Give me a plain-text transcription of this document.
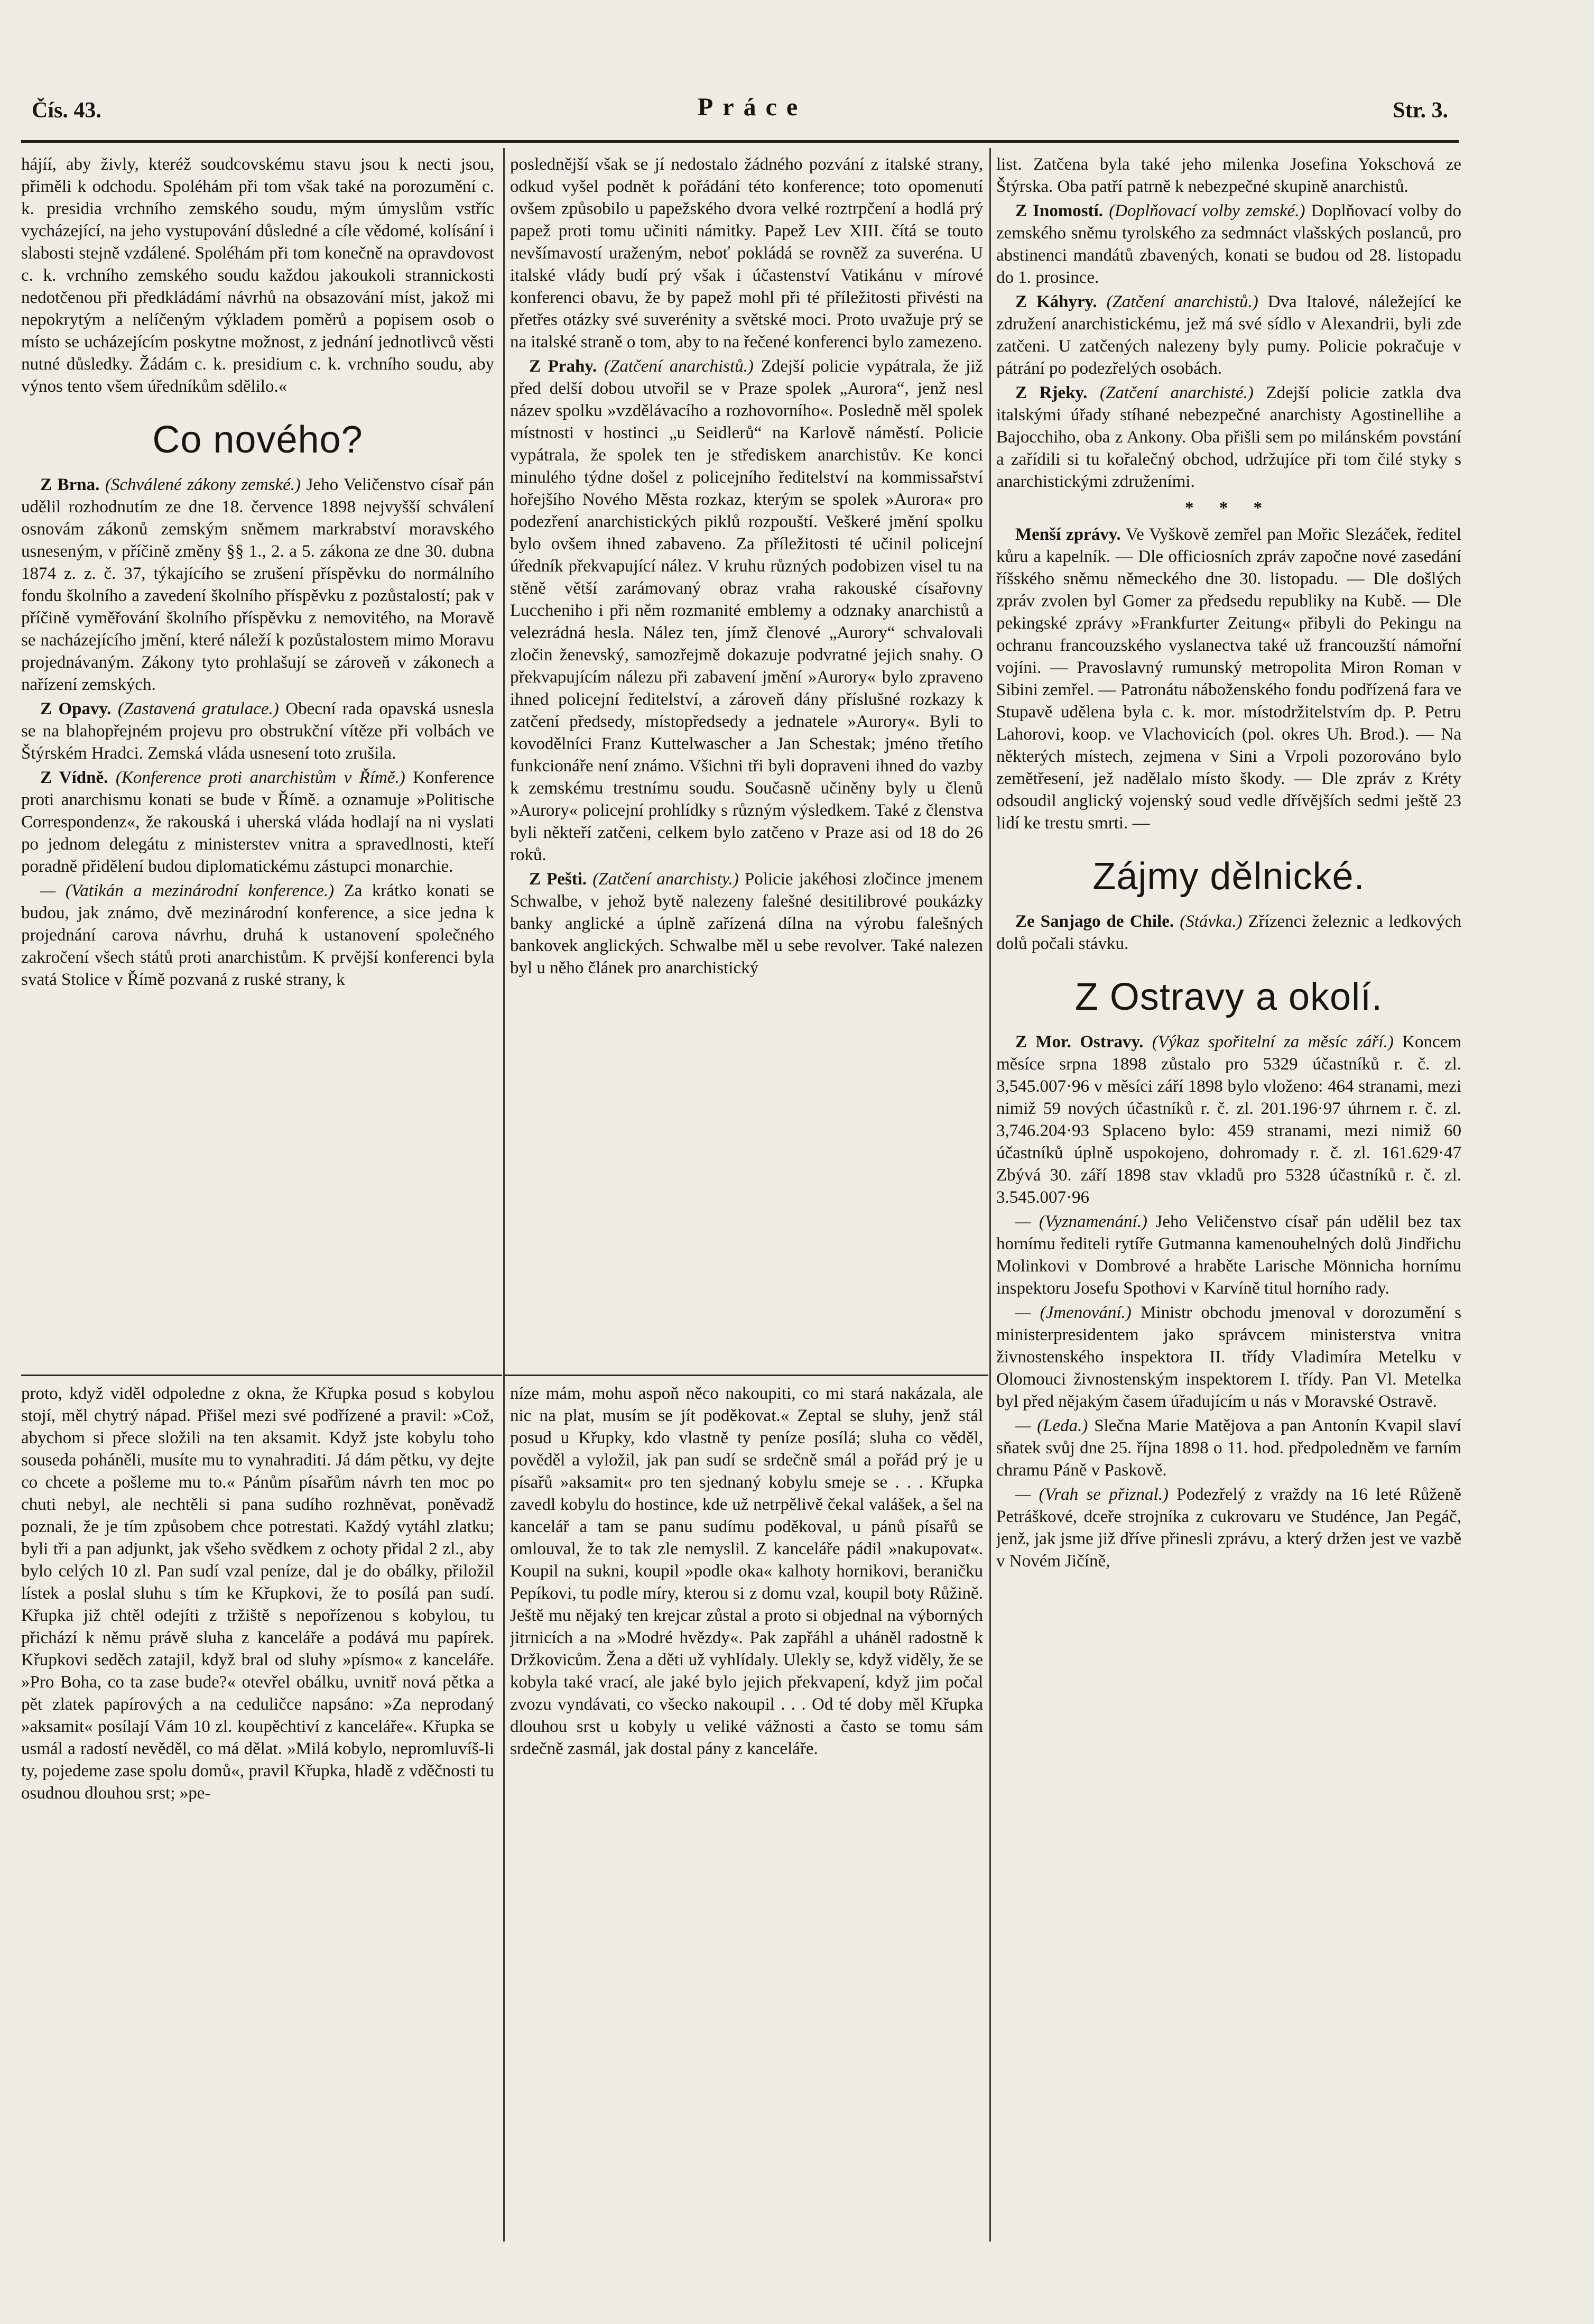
Čís. 43.	Práce	Str. 3.

hájíí, aby živly, kteréž soudcovskému stavu jsou k necti jsou, přiměli k odchodu. Spoléhám při tom však také na porozumění c. k. presidia vrchního zemského soudu, mým úmyslům vstříc vycházející, na jeho vystupování důsledné a cíle vědomé, kolísání i slabosti stejně vzdálené. Spoléhám při tom konečně na opravdovost c. k. vrchního zemského soudu každou jakoukoli strannickosti nedotčenou při předkládámí návrhů na obsazování míst, jakož mi nepokrytým a nelíčeným výkladem poměrů a popisem osob o místo se ucházejícím poskytne možnost, z jednání jednotlivců věsti nutné důsledky. Žádám c. k. presidium c. k. vrchního soudu, aby výnos tento všem úředníkům sdělilo.«

Co nového?

Z Brna. (Schválené zákony zemské.) Jeho Veličenstvo císař pán udělil rozhodnutím ze dne 18. července 1898 nejvyšší schválení osnovám zákonů zemským sněmem markrabství moravského usneseným, v příčině změny §§ 1., 2. a 5. zákona ze dne 30. dubna 1874 z. z. č. 37, týkajícího se zrušení příspěvku do normálního fondu školního a zavedení školního příspěvku z pozůstalostí; pak v příčině vyměřování školního příspěvku z nemovitého, na Moravě se nacházejícího jmění, které náleží k pozůstalostem mimo Moravu projednávaným. Zákony tyto prohlašují se zároveň v zákonech a nařízení zemských.

Z Opavy. (Zastavená gratulace.) Obecní rada opavská usnesla se na blahopřejném projevu pro obstrukční vítěze při volbách ve Štýrském Hradci. Zemská vláda usnesení toto zrušila.

Z Vídně. (Konference proti anarchistům v Římě.) Konference proti anarchismu konati se bude v Římě. a oznamuje »Politische Correspondenz«, že rakouská i uherská vláda hodlají na ni vyslati po jednom delegátu z ministerstev vnitra a spravedlnosti, kteří poradně přidělení budou diplomatickému zástupci monarchie.

— (Vatikán a mezinárodní konference.) Za krátko konati se budou, jak známo, dvě mezinárodní konference, a sice jedna k projednání carova návrhu, druhá k ustanovení společného zakročení všech států proti anarchistům. K prvější konferenci byla svatá Stolice v Římě pozvaná z ruské strany, k

poslednější však se jí nedostalo žádného pozvání z italské strany, odkud vyšel podnět k pořádání této konference; toto opomenutí ovšem způsobilo u papežského dvora velké roztrpčení a hodlá prý papež proti tomu učiniti námitky. Papež Lev XIII. čítá se touto nevšímavostí uraženým, neboť pokládá se rovněž za suveréna. U italské vlády budí prý však i účastenství Vatikánu v mírové konferenci obavu, že by papež mohl při té příležitosti přivésti na přetřes otázky své suverénity a světské moci. Proto uvažuje prý se na italské straně o tom, aby to na řečené konferenci bylo zamezeno.

Z Prahy. (Zatčení anarchistů.) Zdejší policie vypátrala, že již před delší dobou utvořil se v Praze spolek „Aurora“, jenž nesl název spolku »vzdělávacího a rozhovorního«. Posledně měl spolek místnosti v hostinci „u Seidlerů“ na Karlově náměstí. Policie vypátrala, že spolek ten je střediskem anarchistův. Ke konci minulého týdne došel z policejního ředitelství na kommissařství hořejšího Nového Města rozkaz, kterým se spolek »Aurora« pro podezření anarchistických piklů rozpouští. Veškeré jmění spolku bylo ovšem ihned zabaveno. Za příležitosti té učinil policejní úředník překvapující nález. V kruhu různých podobizen visel tu na stěně větší zarámovaný obraz vraha rakouské císařovny Luccheniho i při něm rozmanité emblemy a odznaky anarchistů a velezrádná hesla. Nález ten, jímž členové „Aurory“ schvalovali zločin ženevský, samozřejmě dokazuje podvratné jejich snahy. O překvapujícím nálezu při zabavení jmění »Aurory« bylo zpraveno ihned policejní ředitelství, a zároveň dány příslušné rozkazy k zatčení předsedy, místopředsedy a jednatele »Aurory«. Byli to kovodělníci Franz Kuttelwascher a Jan Schestak; jméno třetího funkcionáře není známo. Všichni tři byli dopraveni ihned do vazby k zemskému trestnímu soudu. Současně učiněny byly u členů »Aurory« policejní prohlídky s různým výsledkem. Také z členstva byli někteří zatčeni, celkem bylo zatčeno v Praze asi od 18 do 26 roků.

Z Pešti. (Zatčení anarchisty.) Policie jakéhosi zločince jmenem Schwalbe, v jehož bytě nalezeny falešné desitilibrové poukázky banky anglické a úplně zařízená dílna na výrobu falešných bankovek anglických. Schwalbe měl u sebe revolver. Také nalezen byl u něho článek pro anarchistický

list. Zatčena byla také jeho milenka Josefina Yokschová ze Štýrska. Oba patří patrně k nebezpečné skupině anarchistů.

Z Inomostí. (Doplňovací volby zemské.) Doplňovací volby do zemského sněmu tyrolského za sedmnáct vlašských poslanců, pro abstinenci mandátů zbavených, konati se budou od 28. listopadu do 1. prosince.

Z Káhyry. (Zatčení anarchistů.) Dva Italové, náležející ke združení anarchistickému, jež má své sídlo v Alexandrii, byli zde zatčeni. U zatčených nalezeny byly pumy. Policie pokračuje v pátrání po podezřelých osobách.

Z Rjeky. (Zatčení anarchisté.) Zdejší policie zatkla dva italskými úřady stíhané nebezpečné anarchisty Agostinellihe a Bajocchiho, oba z Ankony. Oba přišli sem po milánském povstání a zařídili si tu kořalečný obchod, udržujíce při tom čilé styky s anarchistickými združeními.

* * *

Menší zprávy. Ve Vyškově zemřel pan Mořic Slezáček, ředitel kůru a kapelník. — Dle officiosních zpráv započne nové zasedání říšského sněmu německého dne 30. listopadu. — Dle došlých zpráv zvolen byl Gomer za předsedu republiky na Kubě. — Dle pekingské zprávy »Frankfurter Zeitung« přibyli do Pekingu na ochranu francouzského vyslanectva také už francouzští námořní vojíni. — Pravoslavný rumunský metropolita Miron Roman v Sibini zemřel. — Patronátu náboženského fondu podřízená fara ve Stupavě udělena byla c. k. mor. místodržitelstvím dp. P. Petru Lahorovi, koop. ve Vlachovicích (pol. okres Uh. Brod.). — Na některých místech, zejmena v Sini a Vrpoli pozorováno bylo zemětřesení, jež nadělalo místo škody. — Dle zpráv z Kréty odsoudil anglický vojenský soud vedle dřívějších sedmi ještě 23 lidí ke trestu smrti. —

Zájmy dělnické.

Ze Sanjago de Chile. (Stávka.) Zřízenci železnic a ledkových dolů počali stávku.

Z Ostravy a okolí.

Z Mor. Ostravy. (Výkaz spořitelní za měsíc září.) Koncem měsíce srpna 1898 zůstalo pro 5329 účastníků r. č. zl. 3,545.007·96 v měsíci září 1898 bylo vloženo: 464 stranami, mezi nimiž 59 nových účastníků r. č. zl. 201.196·97 úhrnem r. č. zl. 3,746.204·93 Splaceno bylo: 459 stranami, mezi nimiž 60 účastníků úplně uspokojeno, dohromady r. č. zl. 161.629·47 Zbývá 30. září 1898 stav vkladů pro 5328 účastníků r. č. zl. 3.545.007·96

— (Vyznamenání.) Jeho Veličenstvo císař pán udělil bez tax hornímu řediteli rytíře Gutmanna kamenouhelných dolů Jindřichu Molinkovi v Dombrové a hraběte Larische Mönnicha hornímu inspektoru Josefu Spothovi v Karvíně titul horního rady.

— (Jmenování.) Ministr obchodu jmenoval v dorozumění s ministerpresidentem jako správcem ministerstva vnitra živnostenského inspektora II. třídy Vladimíra Metelku v Olomouci živnostenským inspektorem I. třídy. Pan Vl. Metelka byl před nějakým časem úřadujícím u nás v Moravské Ostravě.

— (Leda.) Slečna Marie Matějova a pan Antonín Kvapil slaví sňatek svůj dne 25. října 1898 o 11. hod. předpoledněm ve farním chramu Páně v Paskově.

— (Vrah se přiznal.) Podezřelý z vraždy na 16 leté Růženě Petráškové, dceře strojníka z cukrovaru ve Studénce, Jan Pegáč, jenž, jak jsme již dříve přinesli zprávu, a který držen jest ve vazbě v Novém Jičíně,

proto, když viděl odpoledne z okna, že Křupka posud s kobylou stojí, měl chytrý nápad. Přišel mezi své podřízené a pravil: »Což, abychom si přece složili na ten aksamit. Když jste kobylu toho souseda poháněli, musíte mu to vynahraditi. Já dám pětku, vy dejte co chcete a pošleme mu to.« Pánům písařům návrh ten moc po chuti nebyl, ale nechtěli si pana sudího rozhněvat, poněvadž poznali, že je tím způsobem chce potrestati. Každý vytáhl zlatku; byli tři a pan adjunkt, jak všeho svědkem z ochoty přidal 2 zl., aby bylo celých 10 zl. Pan sudí vzal peníze, dal je do obálky, přiložil lístek a poslal sluhu s tím ke Křupkovi, že to posílá pan sudí. Křupka již chtěl odejíti z tržiště s nepořízenou s kobylou, tu přichází k němu právě sluha z kanceláře a podává mu papírek. Křupkovi seděch zatajil, když bral od sluhy »písmo« z kanceláře. »Pro Boha, co ta zase bude?« otevřel obálku, uvnitř nová pětka a pět zlatek papírových a na ceduličce napsáno: »Za neprodaný »aksamit« posílají Vám 10 zl. koupěchtiví z kanceláře«. Křupka se usmál a radostí nevěděl, co má dělat. »Milá kobylo, nepromluvíš-li ty, pojedeme zase spolu domů«, pravil Křupka, hladě z vděčnosti tu osudnou dlouhou srst; »pe-

níze mám, mohu aspoň něco nakoupiti, co mi stará nakázala, ale nic na plat, musím se jít poděkovat.« Zeptal se sluhy, jenž stál posud u Křupky, kdo vlastně ty peníze posílá; sluha co věděl, pověděl a vyložil, jak pan sudí se srdečně smál a pořád prý je u písařů »aksamit« pro ten sjednaný kobylu smeje se . . . Křupka zavedl kobylu do hostince, kde už netrpělivě čekal valášek, a šel na kancelář a tam se panu sudímu poděkoval, u pánů písařů se omlouval, že to tak zle nemyslil. Z kanceláře pádil »nakupovat«. Koupil na sukni, koupil »podle oka« kalhoty hornikovi, beraničku Pepíkovi, tu podle míry, kterou si z domu vzal, koupil boty Růžině. Ještě mu nějaký ten krejcar zůstal a proto si objednal na výborných jitrnicích a na »Modré hvězdy«. Pak zapřáhl a uháněl radostně k Držkovicům. Žena a děti už vyhlídaly. Ulekly se, když viděly, že se kobyla také vrací, ale jaké bylo jejich překvapení, když jim počal zvozu vyndávati, co všecko nakoupil . . . Od té doby měl Křupka dlouhou srst u kobyly u veliké vážnosti a často se tomu sám srdečně zasmál, jak dostal pány z kanceláře.
